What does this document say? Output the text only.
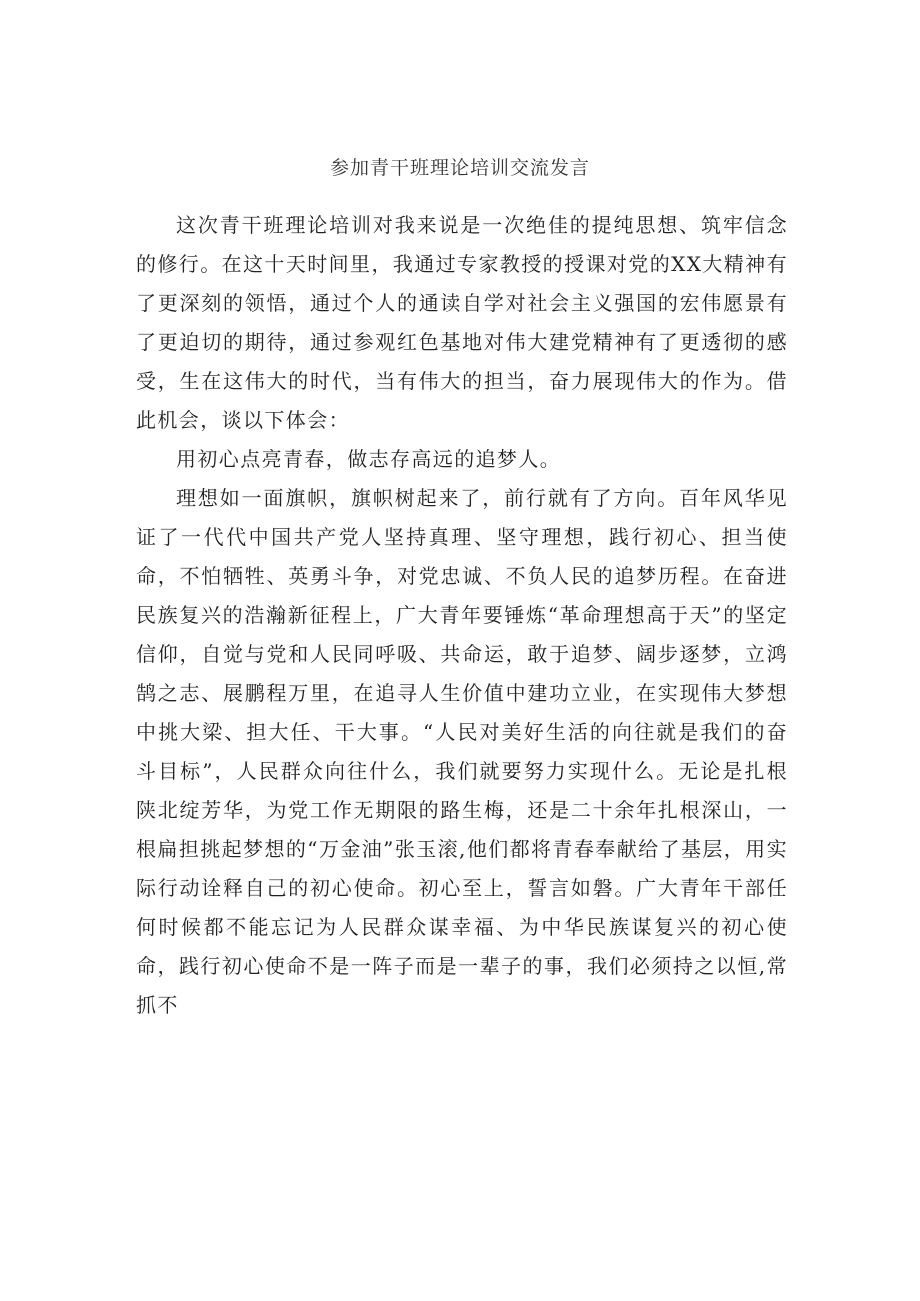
参加青干班理论培训交流发言

这次青干班理论培训对我来说是一次绝佳的提纯思想、筑牢信念的修行。在这十天时间里，我通过专家教授的授课对党的XX大精神有了更深刻的领悟，通过个人的通读自学对社会主义强国的宏伟愿景有了更迫切的期待，通过参观红色基地对伟大建党精神有了更透彻的感受，生在这伟大的时代，当有伟大的担当，奋力展现伟大的作为。借此机会，谈以下体会：

用初心点亮青春，做志存高远的追梦人。

理想如一面旗帜，旗帜树起来了，前行就有了方向。百年风华见证了一代代中国共产党人坚持真理、坚守理想，践行初心、担当使命，不怕牺牲、英勇斗争，对党忠诚、不负人民的追梦历程。在奋进民族复兴的浩瀚新征程上，广大青年要锤炼“革命理想高于天”的坚定信仰，自觉与党和人民同呼吸、共命运，敢于追梦、阔步逐梦，立鸿鹄之志、展鹏程万里，在追寻人生价值中建功立业，在实现伟大梦想中挑大梁、担大任、干大事。“人民对美好生活的向往就是我们的奋斗目标”，人民群众向往什么，我们就要努力实现什么。无论是扎根陕北绽芳华，为党工作无期限的路生梅，还是二十余年扎根深山，一根扁担挑起梦想的“万金油”张玉滚,他们都将青春奉献给了基层，用实际行动诠释自己的初心使命。初心至上，誓言如磐。广大青年干部任何时候都不能忘记为人民群众谋幸福、为中华民族谋复兴的初心使命，践行初心使命不是一阵子而是一辈子的事，我们必须持之以恒,常抓不
